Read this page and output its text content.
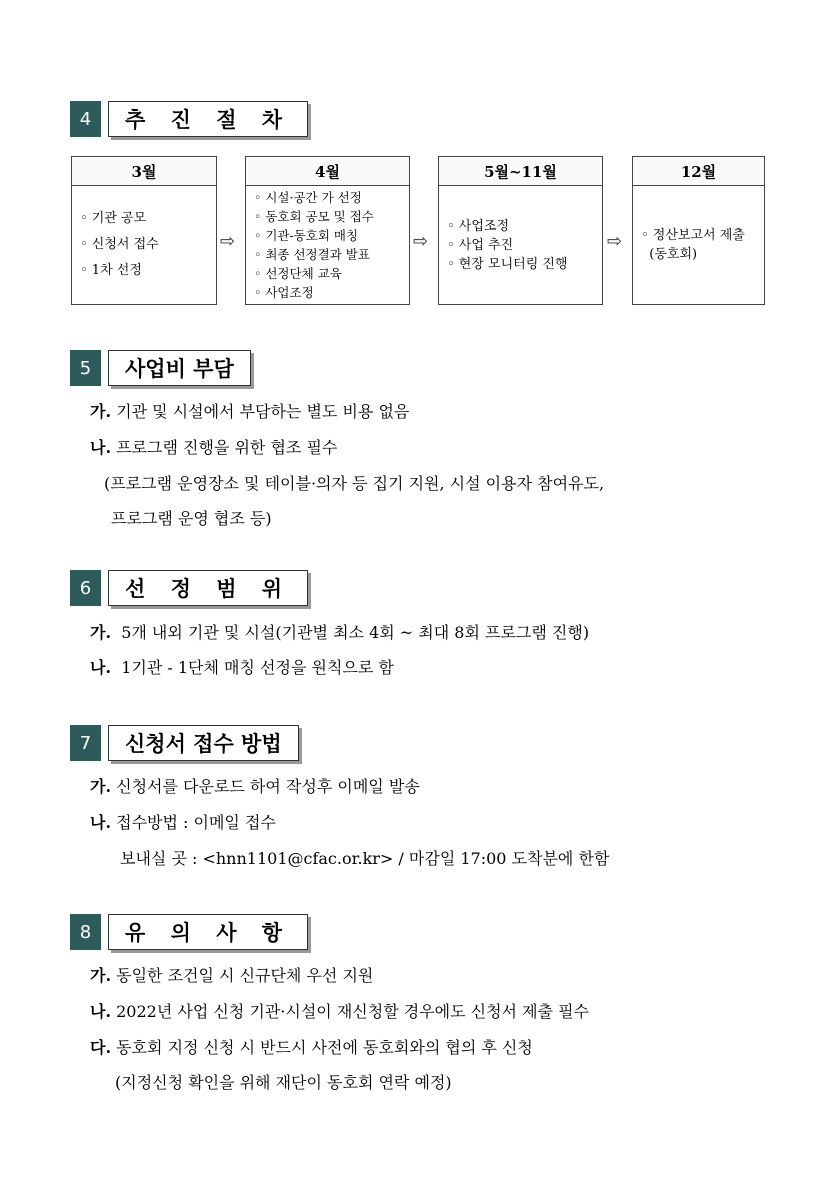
4	추 진 절 차
3월
◦ 기관 공모
◦ 신청서 접수
◦ 1차 선정
⇨
4월
◦ 시설·공간 가 선정
◦ 동호회 공모 및 접수
◦ 기관-동호회 매칭
◦ 최종 선정결과 발표
◦ 선정단체 교육
◦ 사업조정
⇨
5월~11월
◦ 사업조정
◦ 사업 추진
◦ 현장 모니터링 진행
⇨
12월
◦ 정산보고서 제출
(동호회)
5	사업비 부담
가. 기관 및 시설에서 부담하는 별도 비용 없음
나. 프로그램 진행을 위한 협조 필수
(프로그램 운영장소 및 테이블·의자 등 집기 지원, 시설 이용자 참여유도,
프로그램 운영 협조 등)
6	선 정 범 위
가.  5개 내외 기관 및 시설(기관별 최소 4회 ~ 최대 8회 프로그램 진행)
나.  1기관 - 1단체 매칭 선정을 원칙으로 함
7	신청서 접수 방법
가. 신청서를 다운로드 하여 작성후 이메일 발송
나. 접수방법 : 이메일 접수
보내실 곳 : <hnn1101@cfac.or.kr> / 마감일 17:00 도착분에 한함
8	유 의 사 항
가. 동일한 조건일 시 신규단체 우선 지원
나. 2022년 사업 신청 기관·시설이 재신청할 경우에도 신청서 제출 필수
다. 동호회 지정 신청 시 반드시 사전에 동호회와의 협의 후 신청
(지정신청 확인을 위해 재단이 동호회 연락 예정)
